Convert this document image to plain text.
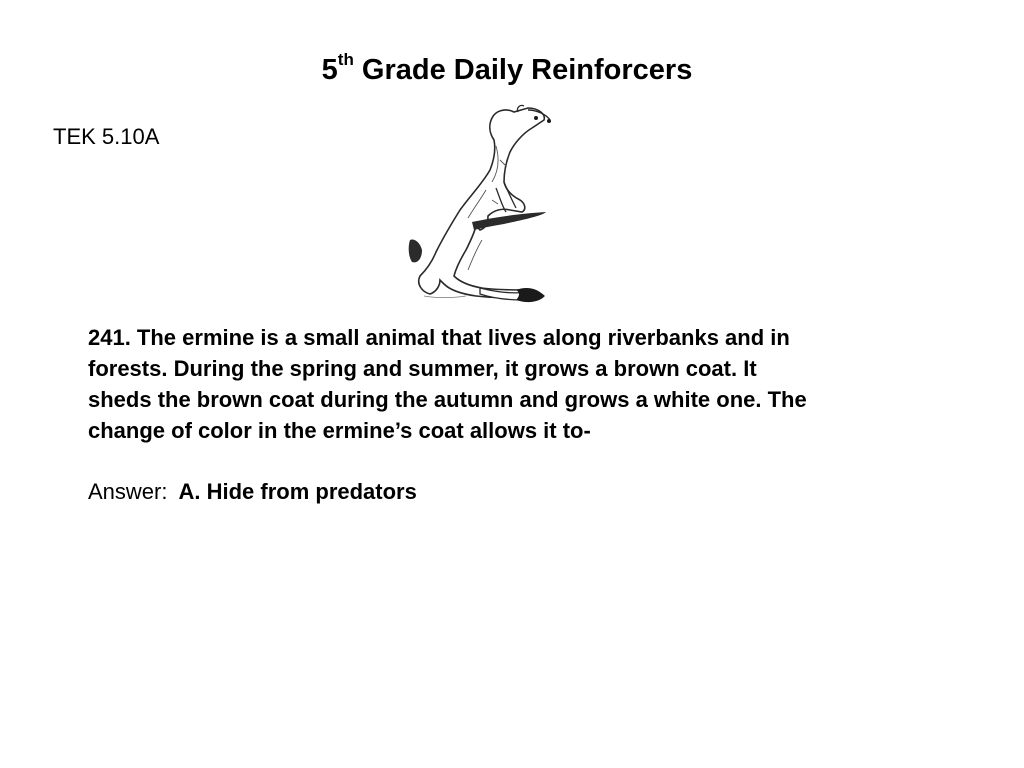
5th Grade Daily Reinforcers
TEK 5.10A
241. The ermine is a small animal that lives along riverbanks and in
forests. During the spring and summer, it grows a brown coat. It
sheds the brown coat during the autumn and grows a white one. The
change of color in the ermine’s coat allows it to-
Answer: A. Hide from predators
